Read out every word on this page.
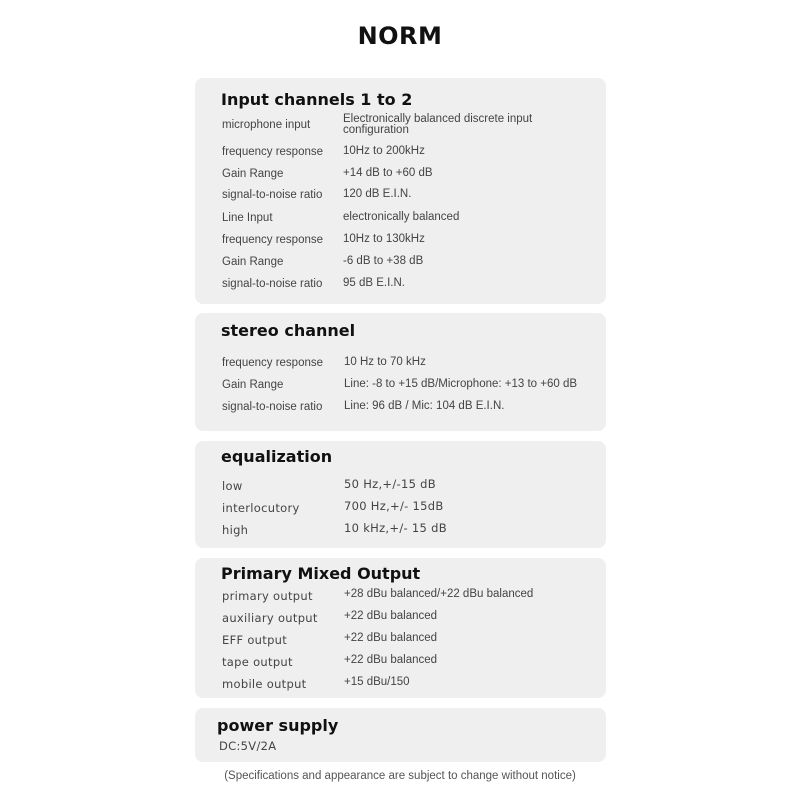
NORM
Input channels 1 to 2
microphone input	Electronically balanced discrete input configuration
frequency response 10Hz to 200kHz
Gain Range	+14 dB to +60 dB
signal-to-noise ratio 120 dB E.I.N.
Line Input	electronically balanced
frequency response 10Hz to 130kHz
Gain Range	-6 dB to +38 dB
signal-to-noise ratio 95 dB E.I.N.
stereo channel
frequency response 10 Hz to 70 kHz
Gain Range	Line: -8 to +15 dB/Microphone: +13 to +60 dB
signal-to-noise ratio Line: 96 dB / Mic: 104 dB E.I.N.
equalization
low	50 Hz,+/-15 dB
interlocutory	700 Hz,+/- 15dB
high	10 kHz,+/- 15 dB
Primary Mixed Output
primary output	+28 dBu balanced/+22 dBu balanced
auxiliary output +22 dBu balanced
EFF output	+22 dBu balanced
tape output	+22 dBu balanced
mobile output	+15 dBu/150
power supply
DC:5V/2A
(Specifications and appearance are subject to change without notice)
